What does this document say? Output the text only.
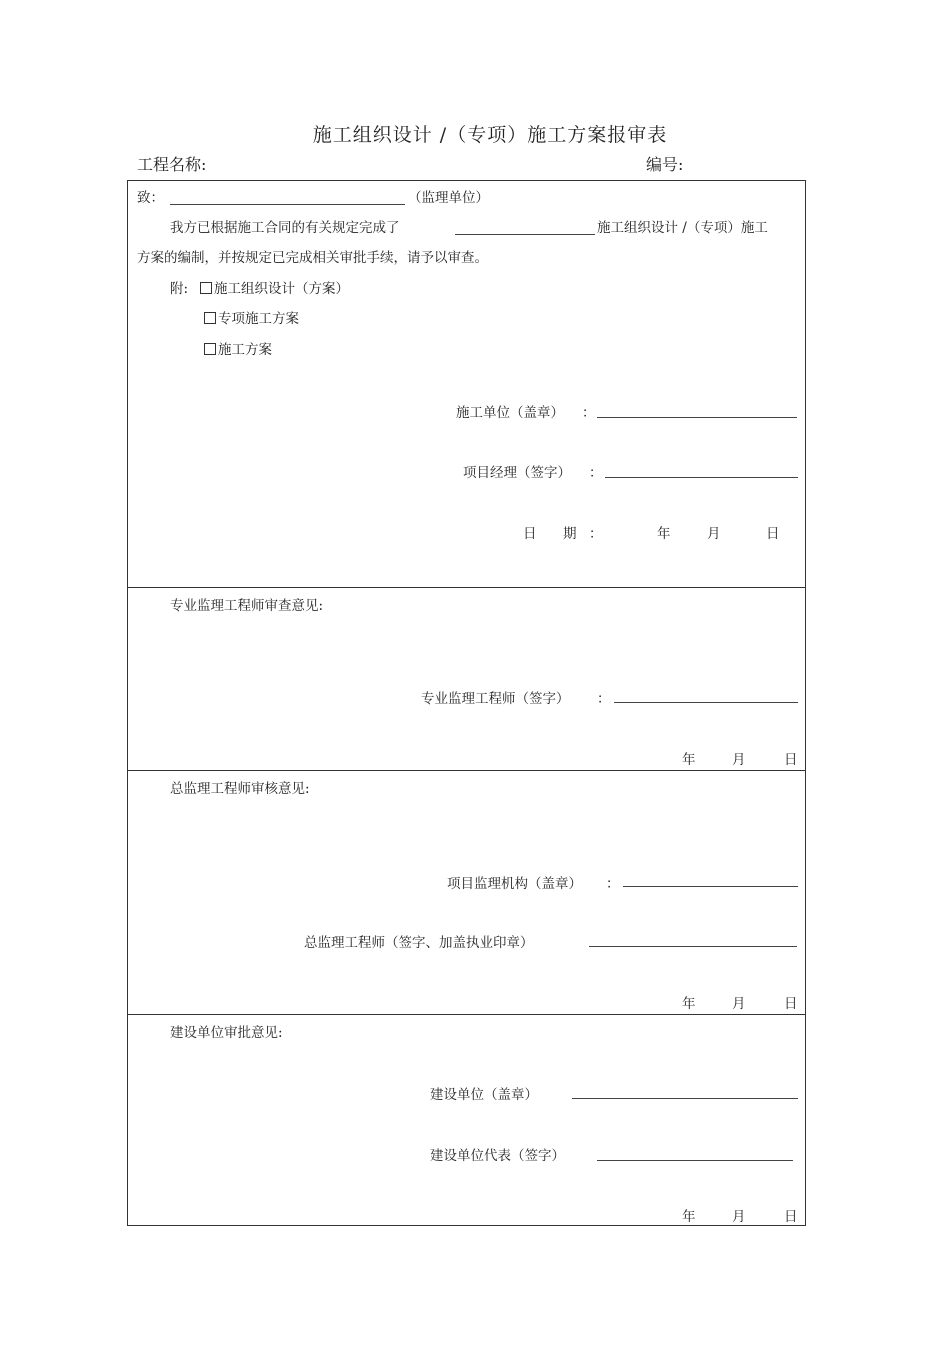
施工组织设计 /（专项）施工方案报审表
工程名称:	编号:
致：	（监理单位）
我方已根据施工合同的有关规定完成了	施工组织设计 /（专项）施工
方案的编制，并按规定已完成相关审批手续，请予以审查。
附:	施工组织设计（方案）
专项施工方案
施工方案
施工单位（盖章） ：
项目经理（签字） ：
日 期 ：	年	月	日
专业监理工程师审查意见:
专业监理工程师（签字） ：
年	月	日
总监理工程师审核意见:
项目监理机构（盖章） ：
总监理工程师（签字、加盖执业印章）
年	月	日
建设单位审批意见:
建设单位（盖章）
建设单位代表（签字）
年	月	日
